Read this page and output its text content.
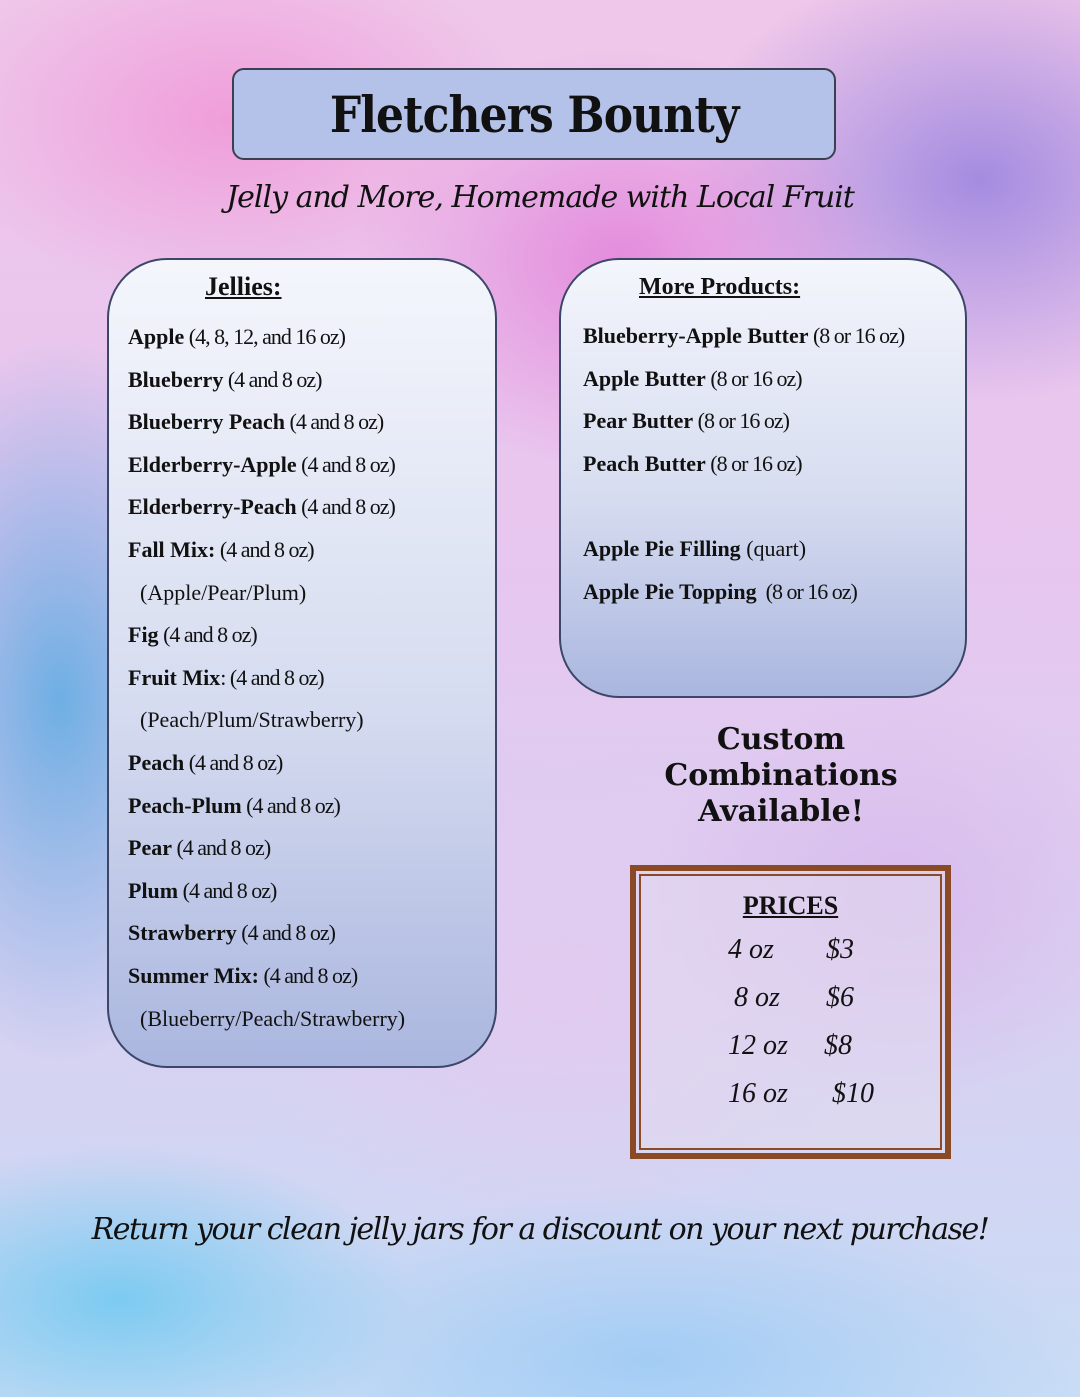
Fletchers Bounty
Jelly and More, Homemade with Local Fruit
Jellies:
Apple (4, 8, 12, and 16 oz)
Blueberry (4 and 8 oz)
Blueberry Peach (4 and 8 oz)
Elderberry-Apple (4 and 8 oz)
Elderberry-Peach (4 and 8 oz)
Fall Mix: (4 and 8 oz)
(Apple/Pear/Plum)
Fig (4 and 8 oz)
Fruit Mix: (4 and 8 oz)
(Peach/Plum/Strawberry)
Peach (4 and 8 oz)
Peach-Plum (4 and 8 oz)
Pear (4 and 8 oz)
Plum (4 and 8 oz)
Strawberry (4 and 8 oz)
Summer Mix: (4 and 8 oz)
(Blueberry/Peach/Strawberry)
More Products:
Blueberry-Apple Butter (8 or 16 oz)
Apple Butter (8 or 16 oz)
Pear Butter (8 or 16 oz)
Peach Butter (8 or 16 oz)
Apple Pie Filling (quart)
Apple Pie Topping  (8 or 16 oz)
Custom
Combinations
Available!
PRICES
4 oz $3
8 oz $6
12 oz $8
16 oz $10
Return your clean jelly jars for a discount on your next purchase!
